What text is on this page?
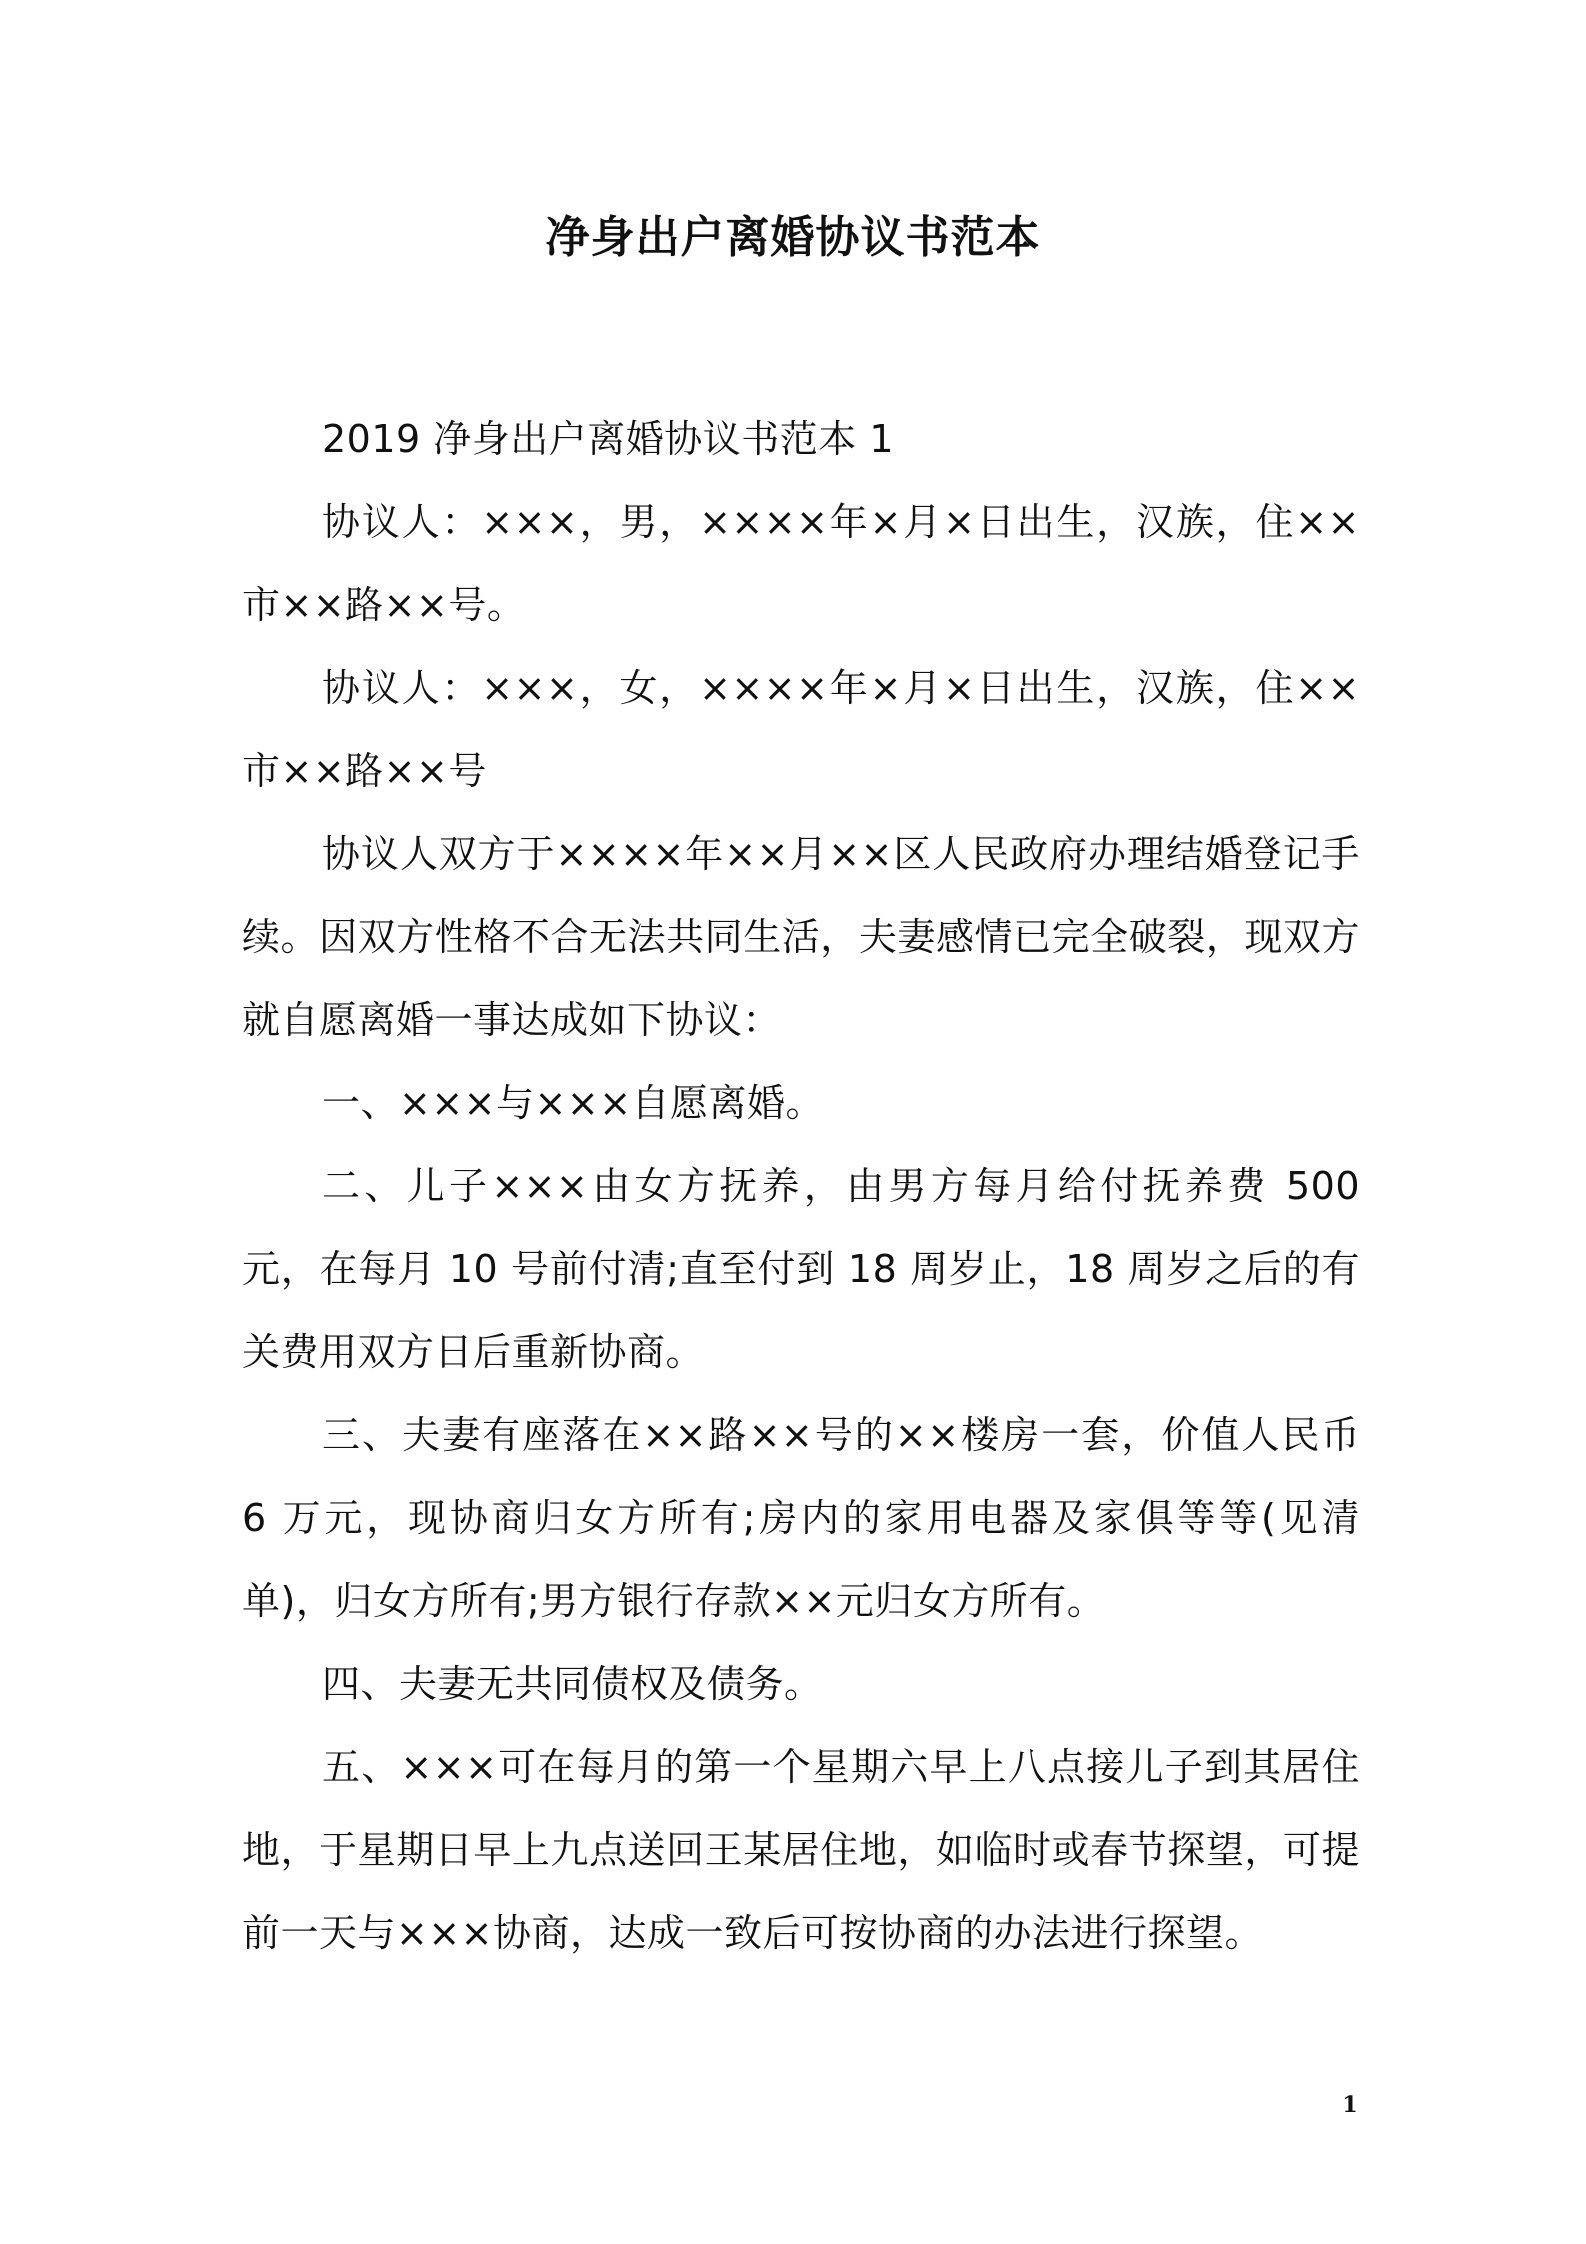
净身出户离婚协议书范本

2019 净身出户离婚协议书范本 1

协议人：×××，男，××××年×月×日出生，汉族，住××市××路××号。

协议人：×××，女，××××年×月×日出生，汉族，住××市××路××号

协议人双方于××××年××月××区人民政府办理结婚登记手续。因双方性格不合无法共同生活，夫妻感情已完全破裂，现双方就自愿离婚一事达成如下协议：

一、×××与×××自愿离婚。

二、儿子×××由女方抚养，由男方每月给付抚养费 500 元，在每月 10 号前付清;直至付到 18 周岁止，18 周岁之后的有关费用双方日后重新协商。

三、夫妻有座落在××路××号的××楼房一套，价值人民币 6 万元，现协商归女方所有;房内的家用电器及家俱等等(见清单)，归女方所有;男方银行存款××元归女方所有。

四、夫妻无共同债权及债务。

五、×××可在每月的第一个星期六早上八点接儿子到其居住地，于星期日早上九点送回王某居住地，如临时或春节探望，可提前一天与×××协商，达成一致后可按协商的办法进行探望。

1
